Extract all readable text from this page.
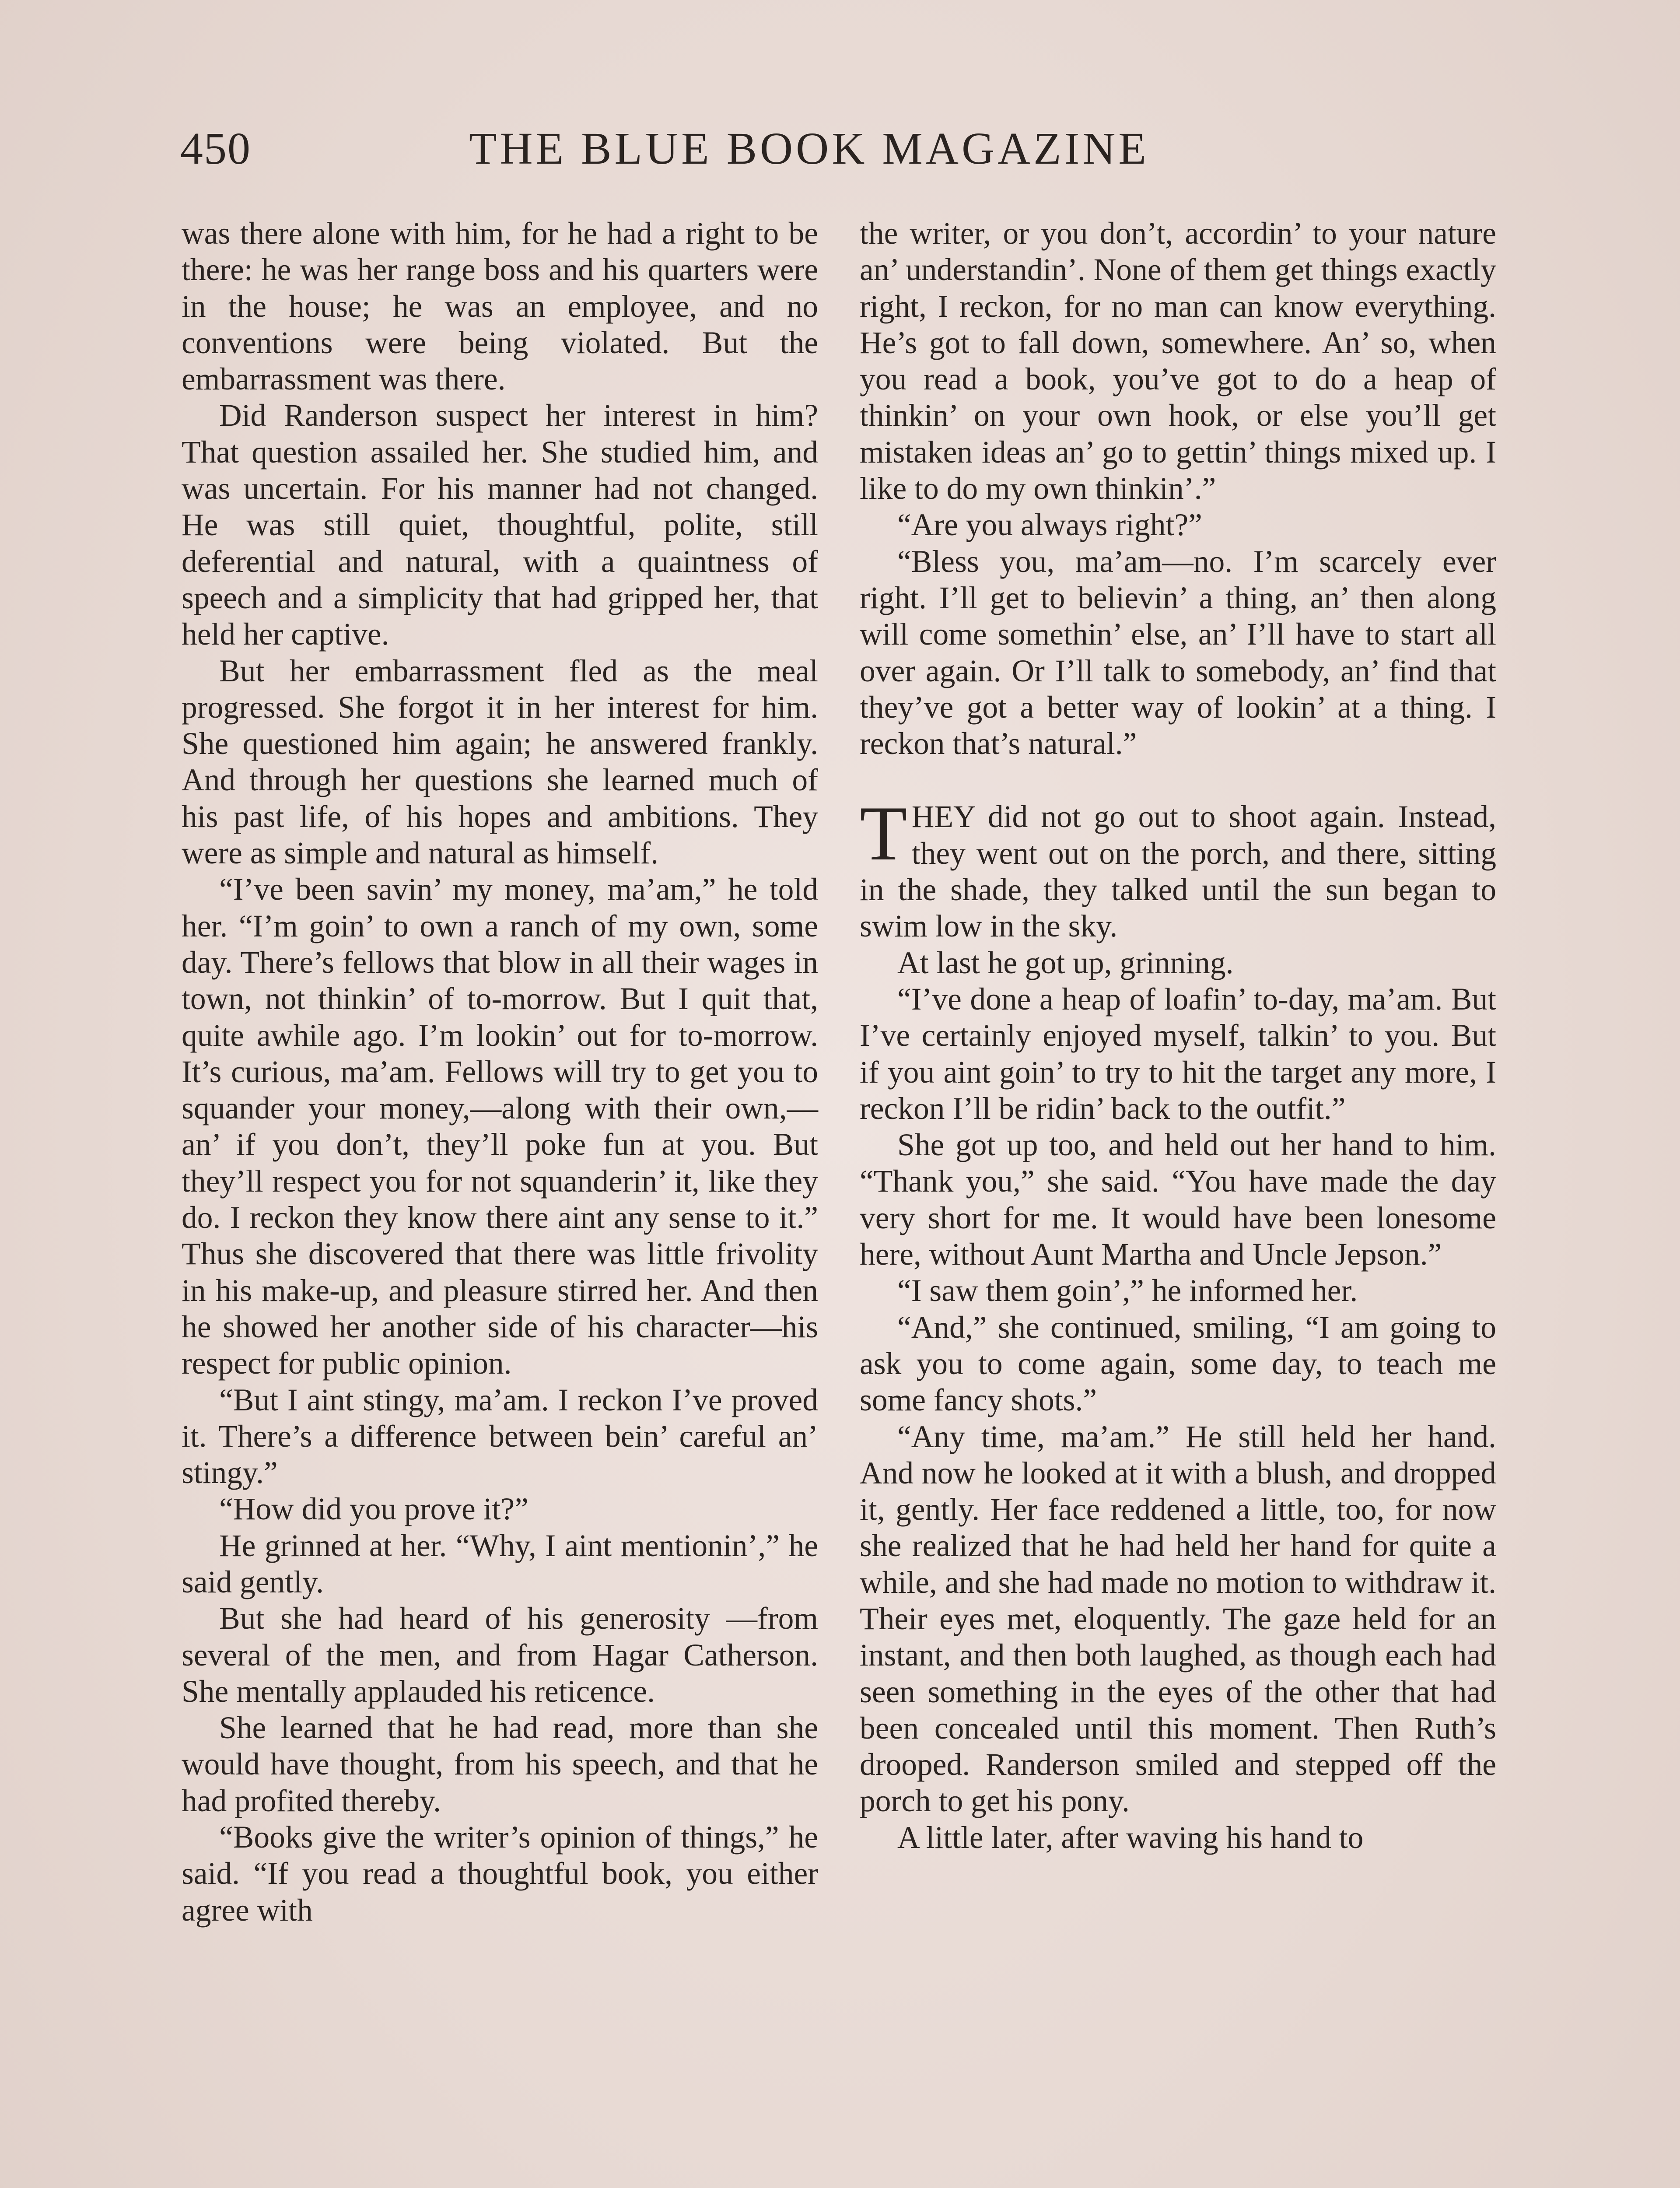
450	THE BLUE BOOK MAGAZINE

was there alone with him, for he had a right to be there: he was her range boss and his quarters were in the house; he was an employee, and no conventions were being violated. But the embarrassment was there.

Did Randerson suspect her interest in him? That question assailed her. She studied him, and was uncertain. For his manner had not changed. He was still quiet, thoughtful, polite, still deferential and natural, with a quaintness of speech and a simplicity that had gripped her, that held her captive.

But her embarrassment fled as the meal progressed. She forgot it in her interest for him. She questioned him again; he answered frankly. And through her questions she learned much of his past life, of his hopes and ambitions. They were as simple and natural as himself.

“I’ve been savin’ my money, ma’am,” he told her. “I’m goin’ to own a ranch of my own, some day. There’s fellows that blow in all their wages in town, not thinkin’ of to-morrow. But I quit that, quite awhile ago. I’m lookin’ out for to-morrow. It’s curious, ma’am. Fellows will try to get you to squander your money,—along with their own,— an’ if you don’t, they’ll poke fun at you. But they’ll respect you for not squanderin’ it, like they do. I reckon they know there aint any sense to it.” Thus she discovered that there was little frivolity in his make-up, and pleasure stirred her. And then he showed her another side of his character—his respect for public opinion.

“But I aint stingy, ma’am. I reckon I’ve proved it. There’s a difference between bein’ careful an’ stingy.”

“How did you prove it?”

He grinned at her. “Why, I aint mentionin’,” he said gently.

But she had heard of his generosity —from several of the men, and from Hagar Catherson. She mentally applauded his reticence.

She learned that he had read, more than she would have thought, from his speech, and that he had profited thereby.

“Books give the writer’s opinion of things,” he said. “If you read a thoughtful book, you either agree with

the writer, or you don’t, accordin’ to your nature an’ understandin’. None of them get things exactly right, I reckon, for no man can know everything. He’s got to fall down, somewhere. An’ so, when you read a book, you’ve got to do a heap of thinkin’ on your own hook, or else you’ll get mistaken ideas an’ go to gettin’ things mixed up. I like to do my own thinkin’.”

“Are you always right?”

“Bless you, ma’am—no. I’m scarcely ever right. I’ll get to believin’ a thing, an’ then along will come somethin’ else, an’ I’ll have to start all over again. Or I’ll talk to somebody, an’ find that they’ve got a better way of lookin’ at a thing. I reckon that’s natural.”

THEY did not go out to shoot again. Instead, they went out on the porch, and there, sitting in the shade, they talked until the sun began to swim low in the sky.

At last he got up, grinning.

“I’ve done a heap of loafin’ to-day, ma’am. But I’ve certainly enjoyed myself, talkin’ to you. But if you aint goin’ to try to hit the target any more, I reckon I’ll be ridin’ back to the outfit.”

She got up too, and held out her hand to him. “Thank you,” she said. “You have made the day very short for me. It would have been lonesome here, without Aunt Martha and Uncle Jepson.”

“I saw them goin’,” he informed her.

“And,” she continued, smiling, “I am going to ask you to come again, some day, to teach me some fancy shots.”

“Any time, ma’am.” He still held her hand. And now he looked at it with a blush, and dropped it, gently. Her face reddened a little, too, for now she realized that he had held her hand for quite a while, and she had made no motion to withdraw it. Their eyes met, eloquently. The gaze held for an instant, and then both laughed, as though each had seen something in the eyes of the other that had been concealed until this moment. Then Ruth’s drooped. Randerson smiled and stepped off the porch to get his pony.

A little later, after waving his hand to
